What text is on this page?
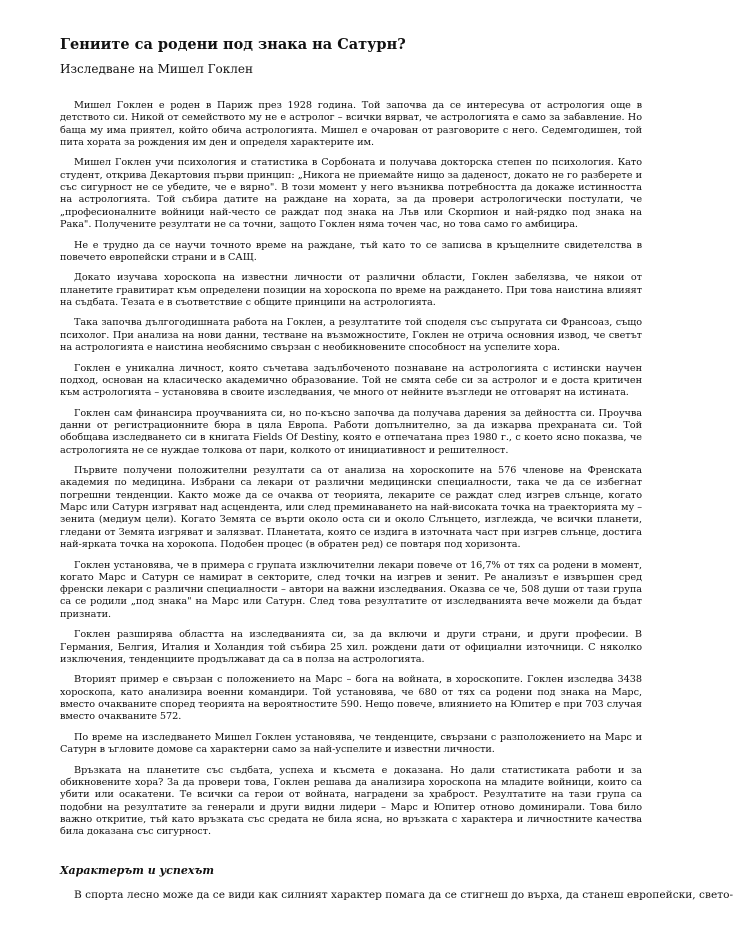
Гениите са родени под знака на Сатурн?

Изследване на Мишел Гоклен

Мишел Гоклен е роден в Париж през 1928 година. Той започва да се интересува от астрология още в детството си. Никой от семейството му не е астролог – всички вярват, че астрологията е само за забавление. Но баща му има приятел, който обича астрологията. Мишел е очарован от разговорите с него. Седемгодишен, той пита хората за рождения им ден и определя характерите им.

Мишел Гоклен учи психология и статистика в Сорбоната и получава докторска степен по психология. Като студент, открива Декартовия първи принцип: „Никога не приемайте нищо за даденост, докато не го разберете и със сигурност не се убедите, че е вярно". В този момент у него възниква потребността да докаже истинността на астрологията. Той събира датите на раждане на хората, за да провери астрологически постулати, че „професионалните войници най-често се раждат под знака на Лъв или Скорпион и най-рядко под знака на Рака". Получените резултати не са точни, защото Гоклен няма точен час, но това само го амбицира.

Не е трудно да се научи точното време на раждане, тъй като то се записва в кръщелните свидетелства в повечето европейски страни и в САЩ.

Докато изучава хороскопа на известни личности от различни области, Гоклен забелязва, че някои от планетите гравитират към определени позиции на хороскопа по време на раждането. При това наистина влияят на съдбата. Тезата е в съответствие с общите принципи на астрологията.

Така започва дългогодишната работа на Гоклен, а резултатите той споделя със съпругата си Франсоаз, също психолог. При анализа на нови данни, тестване на възможностите, Гоклен не отрича основния извод, че светът на астрологията е наистина необяснимо свързан с необикновените способност на успелите хора.

Гоклен е уникална личност, която съчетава задълбоченото познаване на астрологията с истински научен подход, основан на класическо академично образование. Той не смята себе си за астролог и е доста критичен към астрологията – установява в своите изследвания, че много от нейните възгледи не отговарят на истината.

Гоклен сам финансира проучванията си, но по-късно започва да получава дарения за дейността си. Проучва данни от регистрационните бюра в цяла Европа. Работи допълнително, за да изкарва прехраната си. Той обобщава изследването си в книгата Fields Of Destiny, която е отпечатана през 1980 г., с което ясно показва, че астрологията не се нуждае толкова от пари, колкото от инициативност и решителност.

Първите получени положителни резултати са от анализа на хороскопите на 576 членове на Френската академия по медицина. Избрани са лекари от различни медицински специалности, така че да се избегнат погрешни тенденции. Както може да се очаква от теорията, лекарите се раждат след изгрев слънце, когато Марс или Сатурн изгряват над асцендента, или след преминаването на най-високата точка на траекторията му – зенита (медиум цели). Когато Земята се върти около оста си и около Слънцето, изглежда, че всички планети, гледани от Земята изгряват и залязват. Планетата, която се издига в източната част при изгрев слънце, достига най-ярката точка на хорокопа. Подобен процес (в обратен ред) се повтаря под хоризонта.

Гоклен установява, че в примера с групата изключителни лекари повече от 16,7% от тях са родени в момент, когато Марс и Сатурн се намират в секторите, след точки на изгрев и зенит. Ре анализът е извършен сред френски лекари с различни специалности – автори на важни изследвания. Оказва се че, 508 души от тази група са се родили „под знака" на Марс или Сатурн. След това резултатите от изследванията вече можели да бъдат признати.

Гоклен разширява областта на изследванията си, за да включи и други страни, и други професии. В Германия, Белгия, Италия и Холандия той събира 25 хил. рождени дати от официални източници. С няколко изключения, тенденциите продължават да са в полза на астрологията.

Вторият пример е свързан с положението на Марс – бога на войната, в хороскопите. Гоклен изследва 3438 хороскопа, като анализира военни командири. Той установява, че 680 от тях са родени под знака на Марс, вместо очакваните според теорията на вероятностите 590. Нещо повече, влиянието на Юпитер е при 703 случая вместо очакваните 572.

По време на изследването Мишел Гоклен установява, че тенденците, свързани с разположението на Марс и Сатурн в ъгловите домове са характерни само за най-успелите и известни личности.

Връзката на планетите със съдбата, успеха и късмета е доказана. Но дали статистиката работи и за обикновените хора? За да провери това, Гоклен решава да анализира хороскопа на младите войници, които са убити или осакатени. Те всички са герои от войната, наградени за храброст. Резултатите на тази група са подобни на резултатите за генерали и други видни лидери – Марс и Юпитер отново доминирали. Това било важно откритие, тъй като връзката със средата не била ясна, но връзката с характера и личностните качества била доказана със сигурност.

Характерът и успехът

В спорта лесно може да се види как силният характер помага да се стигнеш до върха, да станеш европейски, свето-
